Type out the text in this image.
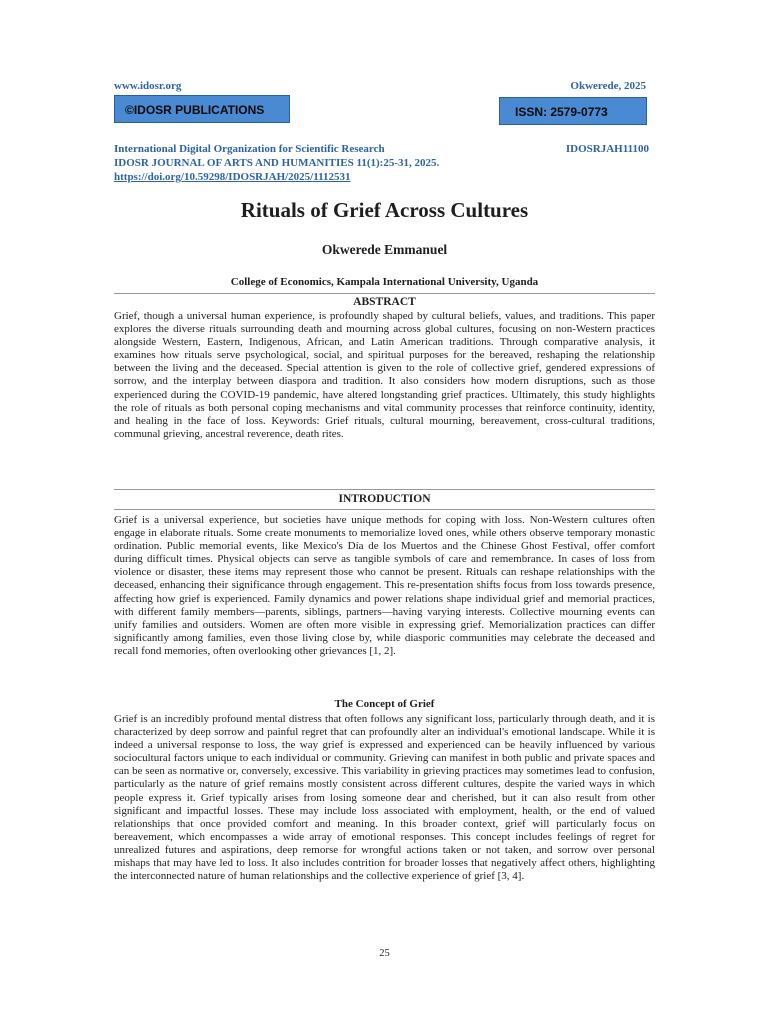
www.idosr.org	Okwerede, 2025
©IDOSR PUBLICATIONS	ISSN: 2579-0773
International Digital Organization for Scientific Research	IDOSRJAH11100
IDOSR JOURNAL OF ARTS AND HUMANITIES 11(1):25-31, 2025.
https://doi.org/10.59298/IDOSRJAH/2025/1112531
Rituals of Grief Across Cultures
Okwerede Emmanuel
College of Economics, Kampala International University, Uganda
ABSTRACT

Grief, though a universal human experience, is profoundly shaped by cultural beliefs, values, and traditions. This paper explores the diverse rituals surrounding death and mourning across global cultures, focusing on non-Western practices alongside Western, Eastern, Indigenous, African, and Latin American traditions. Through comparative analysis, it examines how rituals serve psychological, social, and spiritual purposes for the bereaved, reshaping the relationship between the living and the deceased. Special attention is given to the role of collective grief, gendered expressions of sorrow, and the interplay between diaspora and tradition. It also considers how modern disruptions, such as those experienced during the COVID-19 pandemic, have altered longstanding grief practices. Ultimately, this study highlights the role of rituals as both personal coping mechanisms and vital community processes that reinforce continuity, identity, and healing in the face of loss. Keywords: Grief rituals, cultural mourning, bereavement, cross-cultural traditions, communal grieving, ancestral reverence, death rites.

INTRODUCTION

Grief is a universal experience, but societies have unique methods for coping with loss. Non-Western cultures often engage in elaborate rituals. Some create monuments to memorialize loved ones, while others observe temporary monastic ordination. Public memorial events, like Mexico's Día de los Muertos and the Chinese Ghost Festival, offer comfort during difficult times. Physical objects can serve as tangible symbols of care and remembrance. In cases of loss from violence or disaster, these items may represent those who cannot be present. Rituals can reshape relationships with the deceased, enhancing their significance through engagement. This re-presentation shifts focus from loss towards presence, affecting how grief is experienced. Family dynamics and power relations shape individual grief and memorial practices, with different family members—parents, siblings, partners—having varying interests. Collective mourning events can unify families and outsiders. Women are often more visible in expressing grief. Memorialization practices can differ significantly among families, even those living close by, while diasporic communities may celebrate the deceased and recall fond memories, often overlooking other grievances [1, 2].

The Concept of Grief

Grief is an incredibly profound mental distress that often follows any significant loss, particularly through death, and it is characterized by deep sorrow and painful regret that can profoundly alter an individual's emotional landscape. While it is indeed a universal response to loss, the way grief is expressed and experienced can be heavily influenced by various sociocultural factors unique to each individual or community. Grieving can manifest in both public and private spaces and can be seen as normative or, conversely, excessive. This variability in grieving practices may sometimes lead to confusion, particularly as the nature of grief remains mostly consistent across different cultures, despite the varied ways in which people express it. Grief typically arises from losing someone dear and cherished, but it can also result from other significant and impactful losses. These may include loss associated with employment, health, or the end of valued relationships that once provided comfort and meaning. In this broader context, grief will particularly focus on bereavement, which encompasses a wide array of emotional responses. This concept includes feelings of regret for unrealized futures and aspirations, deep remorse for wrongful actions taken or not taken, and sorrow over personal mishaps that may have led to loss. It also includes contrition for broader losses that negatively affect others, highlighting the interconnected nature of human relationships and the collective experience of grief [3, 4].

25
